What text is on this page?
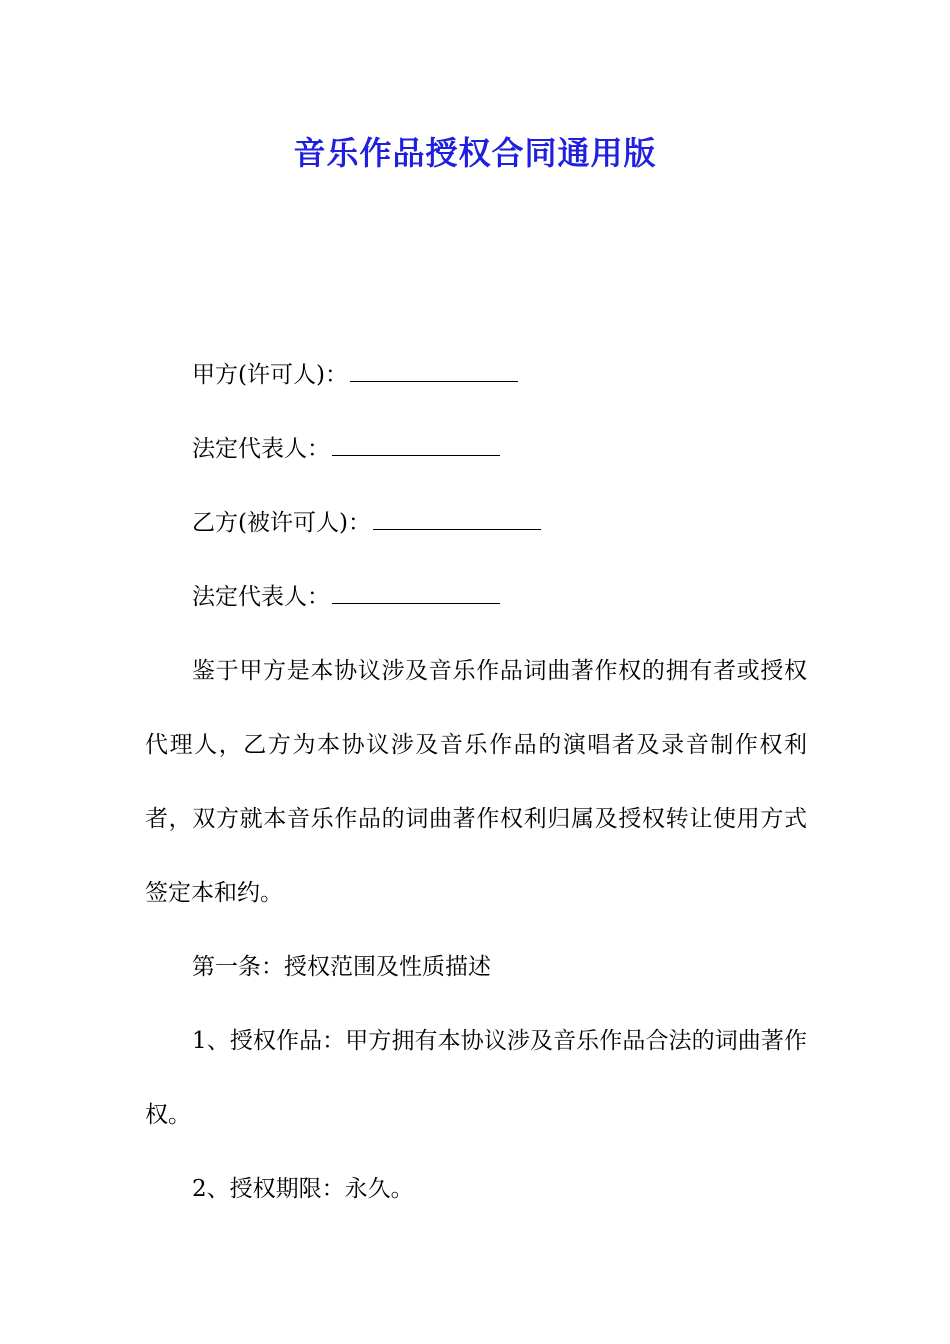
音乐作品授权合同通用版

甲方(许可人)：

法定代表人：

乙方(被许可人)：

法定代表人：

鉴于甲方是本协议涉及音乐作品词曲著作权的拥有者或授权代理人，乙方为本协议涉及音乐作品的演唱者及录音制作权利者，双方就本音乐作品的词曲著作权利归属及授权转让使用方式签定本和约。

第一条：授权范围及性质描述

1、授权作品：甲方拥有本协议涉及音乐作品合法的词曲著作权。

2、授权期限：永久。
